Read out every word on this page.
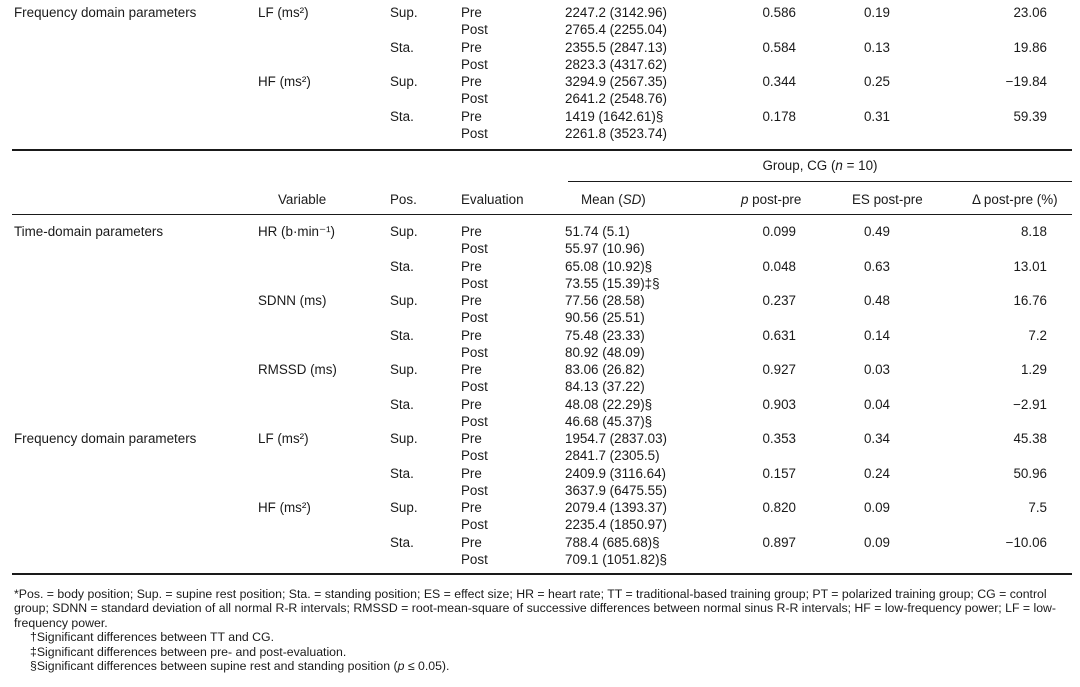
Frequency domain parameters	LF (ms²)	Sup.	Pre	2247.2 (3142.96)	0.586	0.19	23.06
Post	2765.4 (2255.04)
Sta.	Pre	2355.5 (2847.13)	0.584	0.13	19.86
Post	2823.3 (4317.62)
HF (ms²)	Sup.	Pre	3294.9 (2567.35)	0.344	0.25	−19.84
Post	2641.2 (2548.76)
Sta.	Pre	1419 (1642.61)§	0.178	0.31	59.39
Post	2261.8 (3523.74)
Time-domain parameters	HR (b·min⁻¹)	Sup.	Pre	51.74 (5.1)	0.099	0.49	8.18
Post	55.97 (10.96)
Sta.	Pre	65.08 (10.92)§	0.048	0.63	13.01
Post	73.55 (15.39)‡§
SDNN (ms)	Sup.	Pre	77.56 (28.58)	0.237	0.48	16.76
Post	90.56 (25.51)
Sta.	Pre	75.48 (23.33)	0.631	0.14	7.2
Post	80.92 (48.09)
RMSSD (ms)	Sup.	Pre	83.06 (26.82)	0.927	0.03	1.29
Post	84.13 (37.22)
Sta.	Pre	48.08 (22.29)§	0.903	0.04	−2.91
Post	46.68 (45.37)§
Frequency domain parameters	LF (ms²)	Sup.	Pre	1954.7 (2837.03)	0.353	0.34	45.38
Post	2841.7 (2305.5)
Sta.	Pre	2409.9 (3116.64)	0.157	0.24	50.96
Post	3637.9 (6475.55)
HF (ms²)	Sup.	Pre	2079.4 (1393.37)	0.820	0.09	7.5
Post	2235.4 (1850.97)
Sta.	Pre	788.4 (685.68)§	0.897	0.09	−10.06
Post	709.1 (1051.82)§
Group, CG (n = 10)
Variable	Pos.	Evaluation	Mean (SD)	p post-pre	ES post-pre	Δ post-pre (%)

*Pos. = body position; Sup. = supine rest position; Sta. = standing position; ES = effect size; HR = heart rate; TT = traditional-based training group; PT = polarized training group; CG = control group; SDNN = standard deviation of all normal R-R intervals; RMSSD = root-mean-square of successive differences between normal sinus R-R intervals; HF = low-frequency power; LF = low-frequency power.

†Significant differences between TT and CG.

‡Significant differences between pre- and post-evaluation.

§Significant differences between supine rest and standing position (p ≤ 0.05).
